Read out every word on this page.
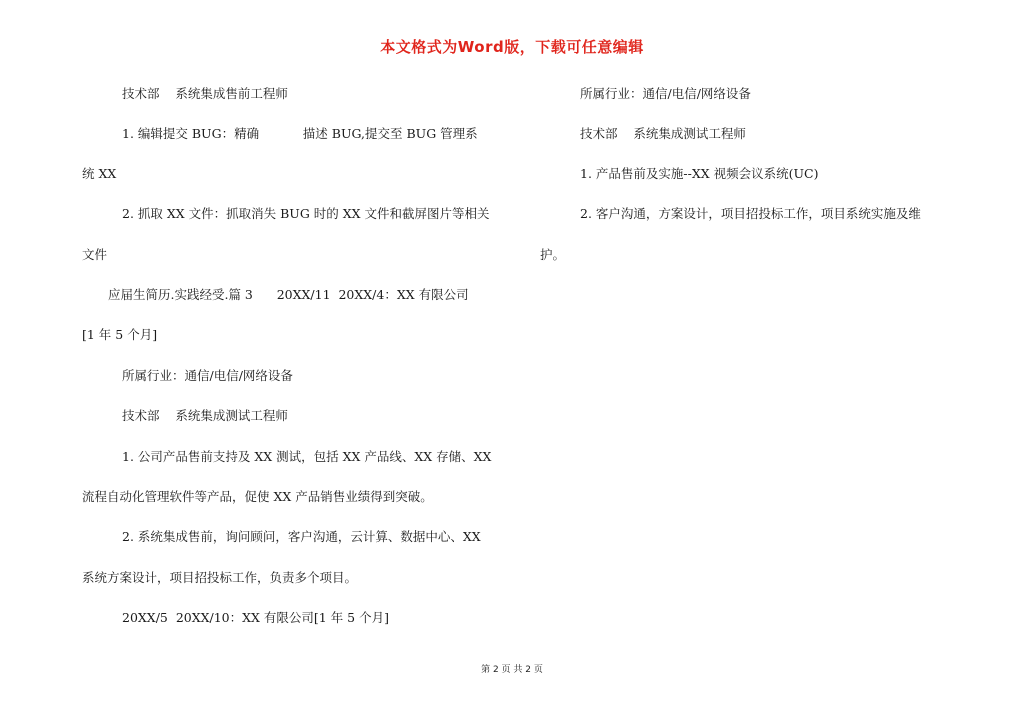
本文格式为Word版，下载可任意编辑
技术部    系统集成售前工程师
1. 编辑提交 BUG：精确           描述 BUG,提交至 BUG 管理系
统 XX
2. 抓取 XX 文件：抓取消失 BUG 时的 XX 文件和截屏图片等相关
文件
应届生简历.实践经受.篇 3      20XX/11  20XX/4：XX 有限公司
[1 年 5 个月]
所属行业：通信/电信/网络设备
技术部    系统集成测试工程师
1. 公司产品售前支持及 XX 测试，包括 XX 产品线、XX 存储、XX
流程自动化管理软件等产品，促使 XX 产品销售业绩得到突破。
2. 系统集成售前，询问顾问，客户沟通，云计算、数据中心、XX
系统方案设计，项目招投标工作，负责多个项目。
20XX/5  20XX/10：XX 有限公司[1 年 5 个月]
所属行业：通信/电信/网络设备
技术部    系统集成测试工程师
1. 产品售前及实施--XX 视频会议系统(UC)
2. 客户沟通，方案设计，项目招投标工作，项目系统实施及维
护。
第 2 页 共 2 页
